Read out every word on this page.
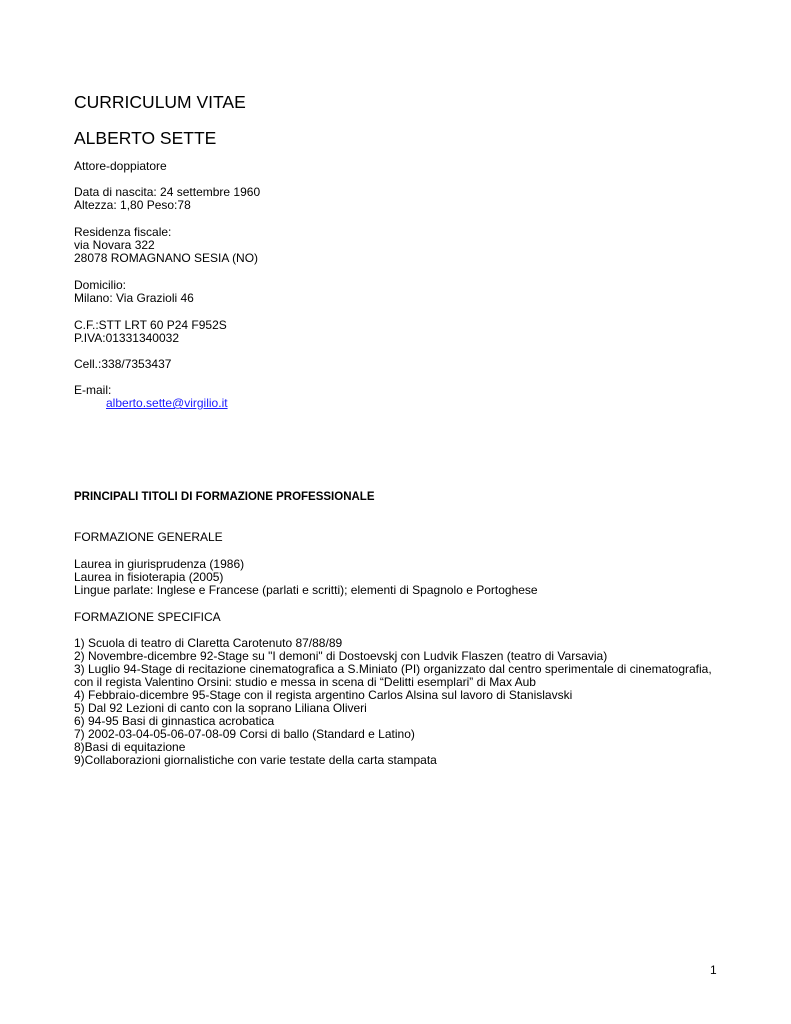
CURRICULUM VITAE
ALBERTO SETTE
Attore-doppiatore
Data di nascita: 24 settembre 1960
Altezza: 1,80 Peso:78
Residenza fiscale:
via Novara 322
28078 ROMAGNANO SESIA (NO)
Domicilio:
Milano: Via Grazioli 46
C.F.:STT LRT 60 P24 F952S
P.IVA:01331340032
Cell.:338/7353437
E-mail:
alberto.sette@virgilio.it
PRINCIPALI TITOLI DI FORMAZIONE PROFESSIONALE
FORMAZIONE GENERALE
Laurea in giurisprudenza (1986)
Laurea in fisioterapia (2005)
Lingue parlate: Inglese e Francese (parlati e scritti); elementi di Spagnolo e Portoghese
FORMAZIONE SPECIFICA
1) Scuola di teatro di Claretta Carotenuto 87/88/89
2) Novembre-dicembre 92-Stage su "I demoni" di Dostoevskj con Ludvik Flaszen (teatro di Varsavia)
3) Luglio 94-Stage di recitazione cinematografica a S.Miniato (PI) organizzato dal centro sperimentale di cinematografia,
con il regista Valentino Orsini: studio e messa in scena di “Delitti esemplari” di Max Aub
4) Febbraio-dicembre 95-Stage con il regista argentino Carlos Alsina sul lavoro di Stanislavski
5) Dal 92 Lezioni di canto con la soprano Liliana Oliveri
6) 94-95 Basi di ginnastica acrobatica
7) 2002-03-04-05-06-07-08-09 Corsi di ballo (Standard e Latino)
8)Basi di equitazione
9)Collaborazioni giornalistiche con varie testate della carta stampata
1
